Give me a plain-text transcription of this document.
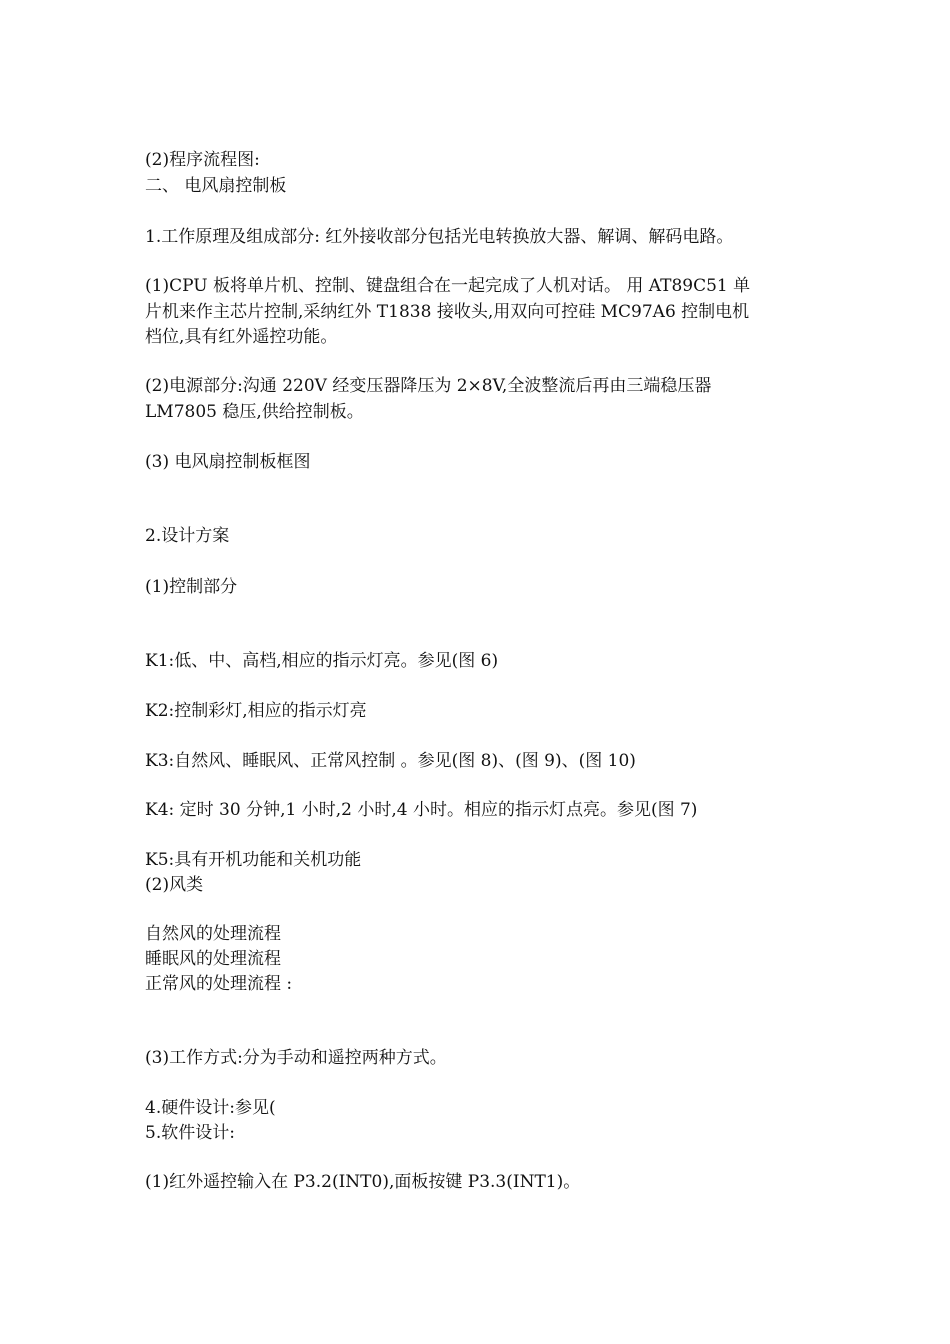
(2)程序流程图:
二、 电风扇控制板
1.工作原理及组成部分: 红外接收部分包括光电转换放大器、解调、解码电路。
(1)CPU 板将单片机、控制、键盘组合在一起完成了人机对话。 用 AT89C51 单
片机来作主芯片控制,采纳红外 T1838 接收头,用双向可控硅 MC97A6 控制电机
档位,具有红外遥控功能。
(2)电源部分:沟通 220V 经变压器降压为 2×8V,全波整流后再由三端稳压器
LM7805 稳压,供给控制板。
(3) 电风扇控制板框图
2.设计方案
(1)控制部分
K1:低、中、高档,相应的指示灯亮。参见(图 6)
K2:控制彩灯,相应的指示灯亮
K3:自然风、睡眠风、正常风控制 。参见(图 8)、(图 9)、(图 10)
K4: 定时 30 分钟,1 小时,2 小时,4 小时。相应的指示灯点亮。参见(图 7)
K5:具有开机功能和关机功能
(2)风类
自然风的处理流程
睡眠风的处理流程
正常风的处理流程 :
(3)工作方式:分为手动和遥控两种方式。
4.硬件设计:参见(
5.软件设计:
(1)红外遥控输入在 P3.2(INT0),面板按键 P3.3(INT1)。
